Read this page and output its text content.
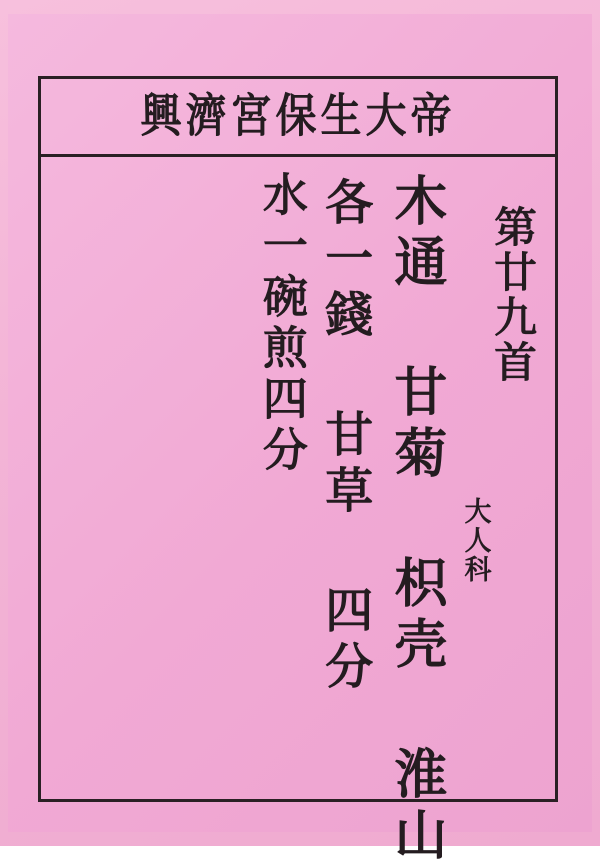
興濟宮保生大帝
第廿九首
大人科
木通 甘菊 枳壳 淮山
各一錢 甘草 四分
水一碗煎四分
